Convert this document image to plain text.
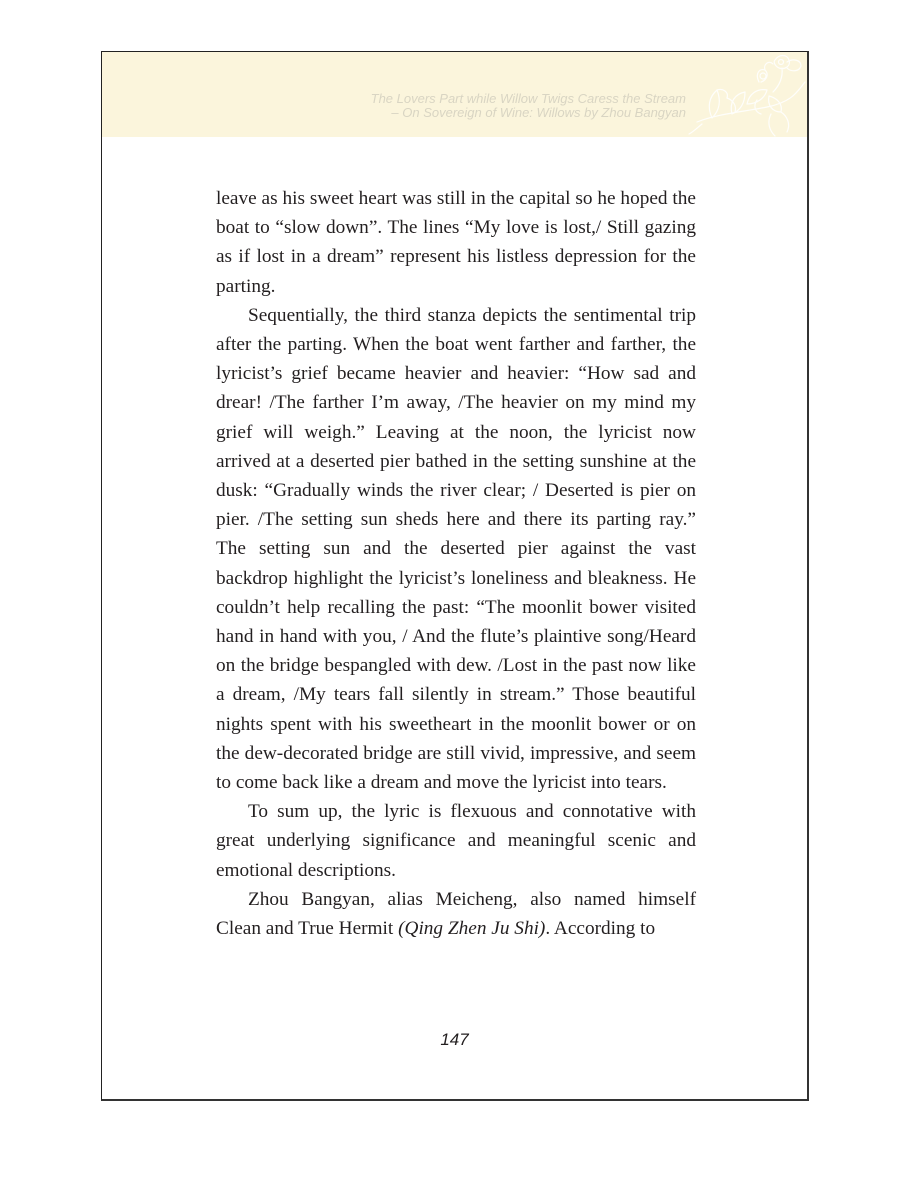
The Lovers Part while Willow Twigs Caress the Stream
– On Sovereign of Wine: Willows by Zhou Bangyan

leave as his sweet heart was still in the capital so he hoped the boat to “slow down”. The lines “My love is lost,/ Still gazing as if lost in a dream” represent his listless depression for the parting.

Sequentially, the third stanza depicts the sentimental trip after the parting. When the boat went farther and farther, the lyricist’s grief became heavier and heavier: “How sad and drear! /The farther I’m away, /The heavier on my mind my grief will weigh.” Leaving at the noon, the lyricist now arrived at a deserted pier bathed in the setting sunshine at the dusk: “Gradually winds the river clear; / Deserted is pier on pier. /The setting sun sheds here and there its parting ray.” The setting sun and the deserted pier against the vast backdrop highlight the lyricist’s loneliness and bleakness. He couldn’t help recalling the past: “The moonlit bower visited hand in hand with you, / And the flute’s plaintive song/Heard on the bridge bespangled with dew. /Lost in the past now like a dream, /My tears fall silently in stream.” Those beautiful nights spent with his sweetheart in the moonlit bower or on the dew-decorated bridge are still vivid, impressive, and seem to come back like a dream and move the lyricist into tears.

To sum up, the lyric is flexuous and connotative with great underlying significance and meaningful scenic and emotional descriptions.

Zhou Bangyan, alias Meicheng, also named himself Clean and True Hermit (Qing Zhen Ju Shi). According to

147
